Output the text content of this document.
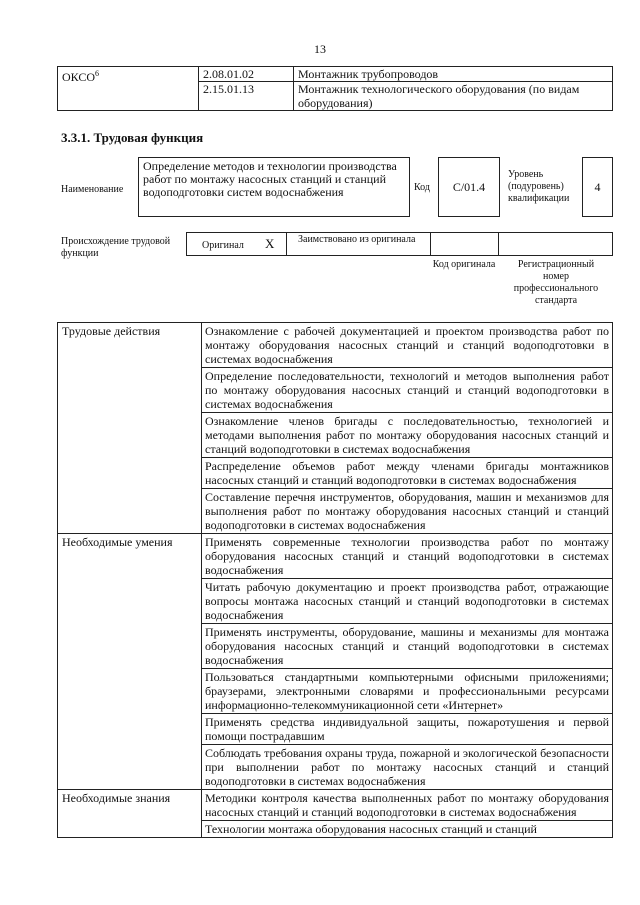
13
ОКСО$^6$	2.08.01.02	Монтажник трубопроводов
	2.15.01.13	Монтажник технологического оборудования (по видам оборудования)
3.3.1. Трудовая функция
Наименование
Определение методов и технологии производства работ по монтажу насосных станций и станций водоподготовки систем водоснабжения	Код С/01.4
Уровень (подуровень) квалификации
4
Происхождение трудовой функции
Оригинал Х Заимствовано из оригинала
Код оригинала	Регистрационный номер профессионального стандарта
Трудовые действия	Ознакомление с рабочей документацией и проектом производства работ по монтажу оборудования насосных станций и станций водоподготовки в системах водоснабжения
	Определение последовательности, технологий и методов выполнения работ по монтажу оборудования насосных станций и станций водоподготовки в системах водоснабжения
	Ознакомление членов бригады с последовательностью, технологией и методами выполнения работ по монтажу оборудования насосных станций и станций водоподготовки в системах водоснабжения
	Распределение объемов работ между членами бригады монтажников насосных станций и станций водоподготовки в системах водоснабжения
	Составление перечня инструментов, оборудования, машин и механизмов для выполнения работ по монтажу оборудования насосных станций и станций водоподготовки в системах водоснабжения
Необходимые умения	Применять современные технологии производства работ по монтажу оборудования насосных станций и станций водоподготовки в системах водоснабжения
	Читать рабочую документацию и проект производства работ, отражающие вопросы монтажа насосных станций и станций водоподготовки в системах водоснабжения
	Применять инструменты, оборудование, машины и механизмы для монтажа оборудования насосных станций и станций водоподготовки в системах водоснабжения
	Пользоваться стандартными компьютерными офисными приложениями; браузерами, электронными словарями и профессиональными ресурсами информационно-телекоммуникационной сети «Интернет»
	Применять средства индивидуальной защиты, пожаротушения и первой помощи пострадавшим
	Соблюдать требования охраны труда, пожарной и экологической безопасности при выполнении работ по монтажу насосных станций и станций водоподготовки в системах водоснабжения
Необходимые знания	Методики контроля качества выполненных работ по монтажу оборудования насосных станций и станций водоподготовки в системах водоснабжения
	Технологии монтажа оборудования насосных станций и станций
